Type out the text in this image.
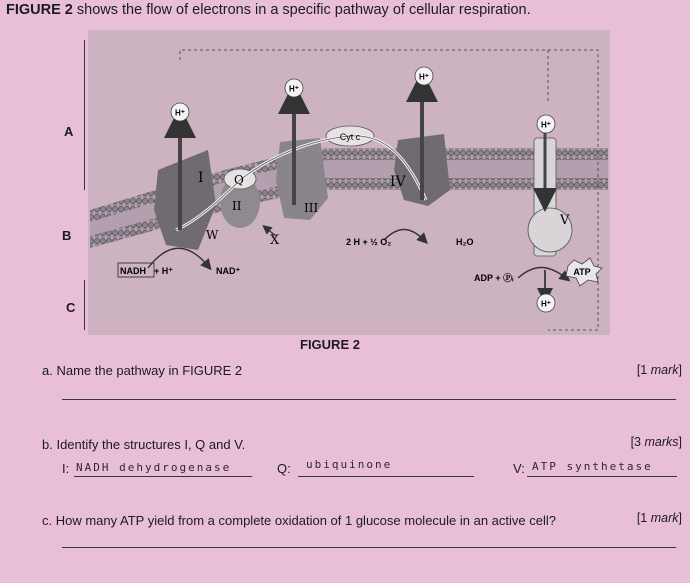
FIGURE 2 shows the flow of electrons in a specific pathway of cellular respiration.
A
B
C
H⁺
H⁺
H⁺
H⁺
H⁺
Cyt c
I	Q
II	III
IV
V
W	X
NADH + H⁺	NAD⁺
2 H + ½ O₂	H₂O
ADP + Ⓟᵢ
ATP
FIGURE 2
a. Name the pathway in FIGURE 2	[1 mark]
b. Identify the structures I, Q and V.	[3 marks]
I: NADH dehydrogenase	Q: ubiquinone	V: ATP synthetase
c. How many ATP yield from a complete oxidation of 1 glucose molecule in an active cell?	[1 mark]
